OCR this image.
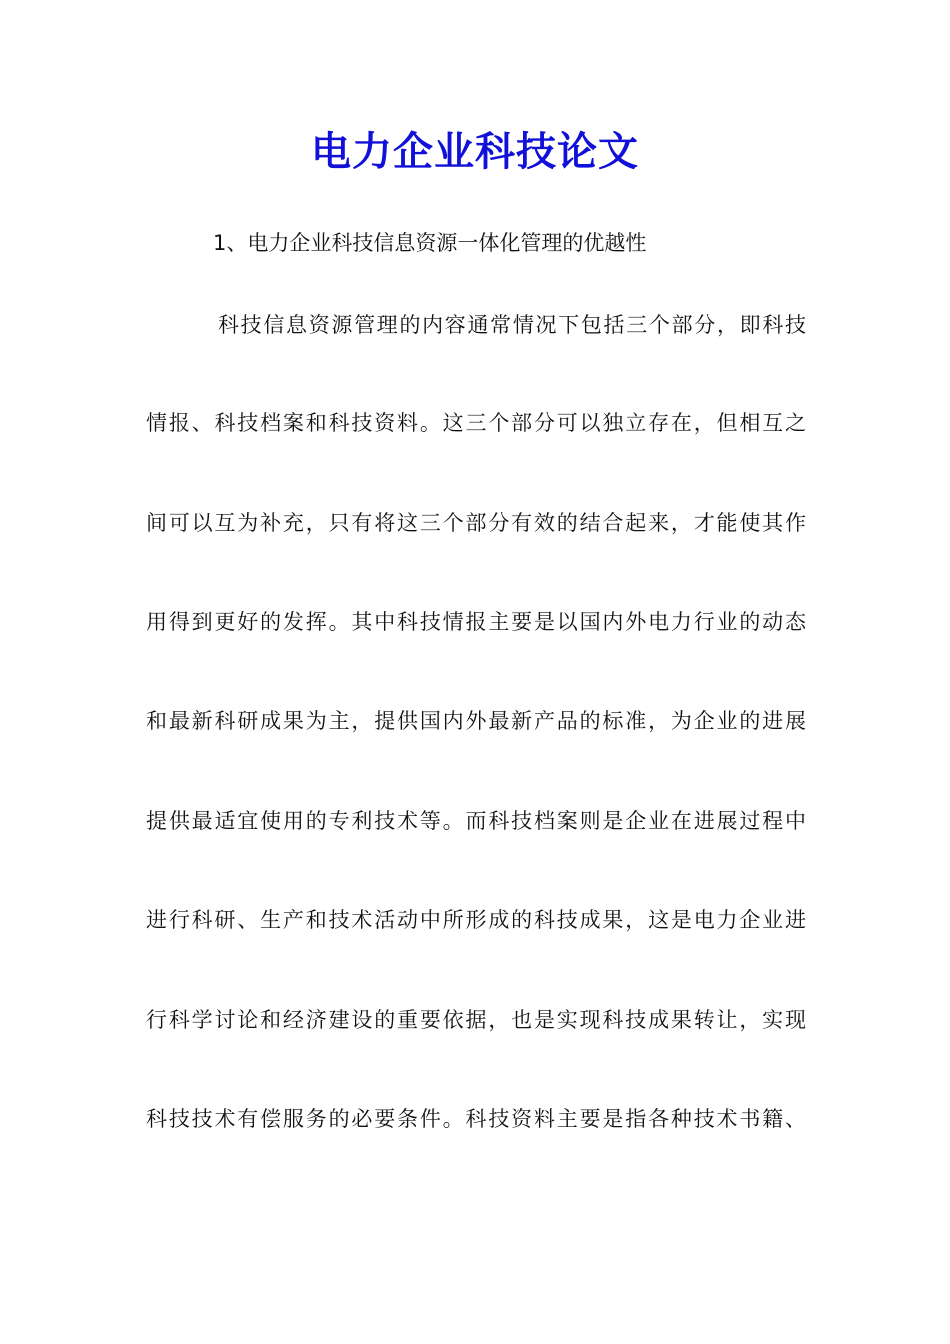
电力企业科技论文

1、电力企业科技信息资源一体化管理的优越性

科技信息资源管理的内容通常情况下包括三个部分，即科技

情报、科技档案和科技资料。这三个部分可以独立存在，但相互之

间可以互为补充，只有将这三个部分有效的结合起来，才能使其作

用得到更好的发挥。其中科技情报主要是以国内外电力行业的动态

和最新科研成果为主，提供国内外最新产品的标准，为企业的进展

提供最适宜使用的专利技术等。而科技档案则是企业在进展过程中

进行科研、生产和技术活动中所形成的科技成果，这是电力企业进

行科学讨论和经济建设的重要依据，也是实现科技成果转让，实现

科技技术有偿服务的必要条件。科技资料主要是指各种技术书籍、
